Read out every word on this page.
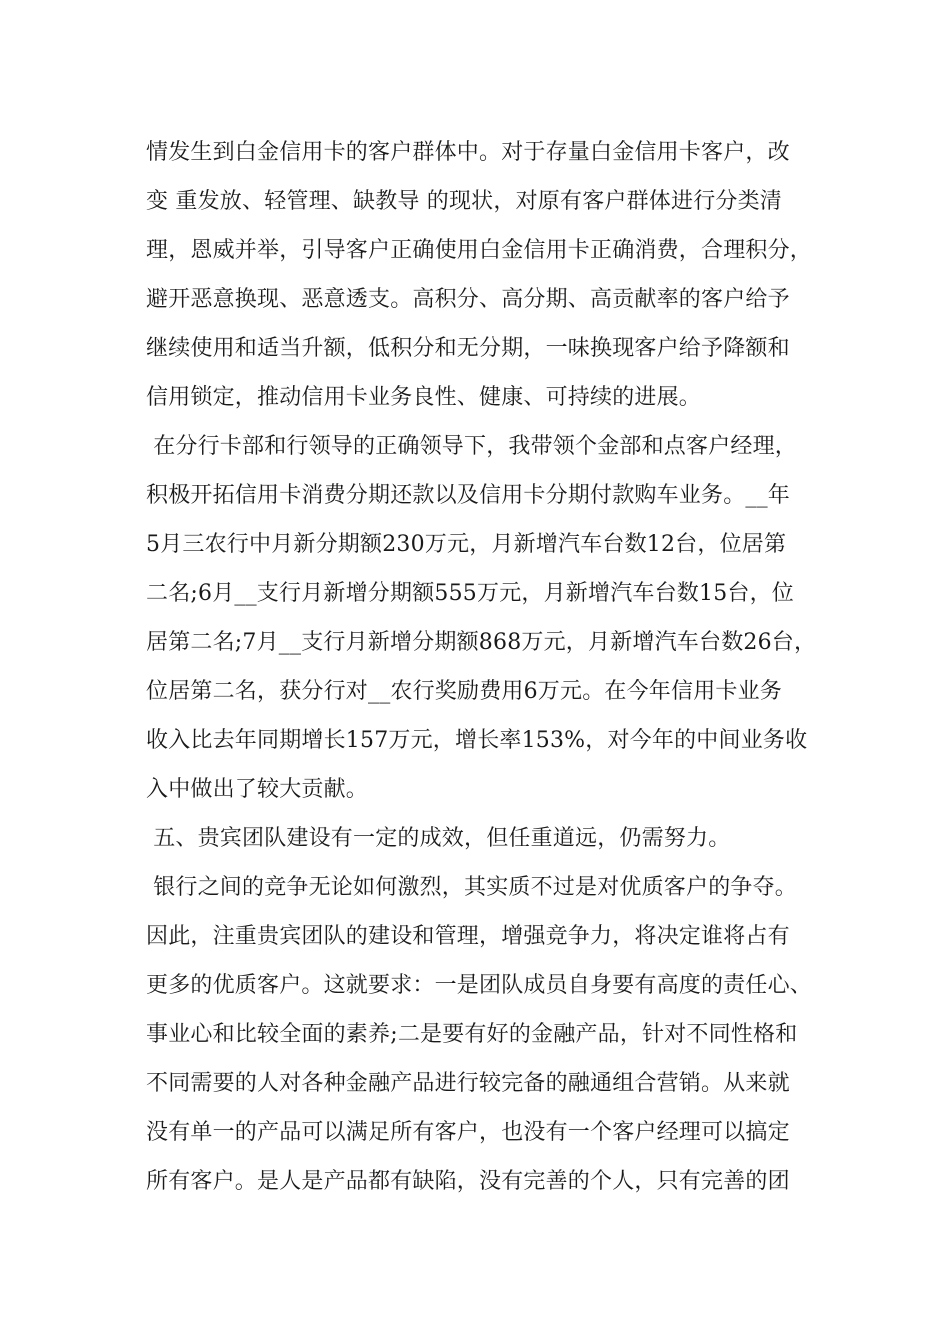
情发生到白金信用卡的客户群体中。对于存量白金信用卡客户，改
变 重发放、轻管理、缺教导 的现状，对原有客户群体进行分类清
理，恩威并举，引导客户正确使用白金信用卡正确消费，合理积分，
避开恶意换现、恶意透支。高积分、高分期、高贡献率的客户给予
继续使用和适当升额，低积分和无分期，一味换现客户给予降额和
信用锁定，推动信用卡业务良性、健康、可持续的进展。
在分行卡部和行领导的正确领导下，我带领个金部和点客户经理，
积极开拓信用卡消费分期还款以及信用卡分期付款购车业务。__年
5月三农行中月新分期额230万元，月新增汽车台数12台，位居第
二名;6月__支行月新增分期额555万元，月新增汽车台数15台，位
居第二名;7月__支行月新增分期额868万元，月新增汽车台数26台，
位居第二名，获分行对__农行奖励费用6万元。在今年信用卡业务
收入比去年同期增长157万元，增长率153%，对今年的中间业务收
入中做出了较大贡献。
五、贵宾团队建设有一定的成效，但任重道远，仍需努力。
银行之间的竞争无论如何激烈，其实质不过是对优质客户的争夺。
因此，注重贵宾团队的建设和管理，增强竞争力，将决定谁将占有
更多的优质客户。这就要求：一是团队成员自身要有高度的责任心、
事业心和比较全面的素养;二是要有好的金融产品，针对不同性格和
不同需要的人对各种金融产品进行较完备的融通组合营销。从来就
没有单一的产品可以满足所有客户，也没有一个客户经理可以搞定
所有客户。是人是产品都有缺陷，没有完善的个人，只有完善的团
